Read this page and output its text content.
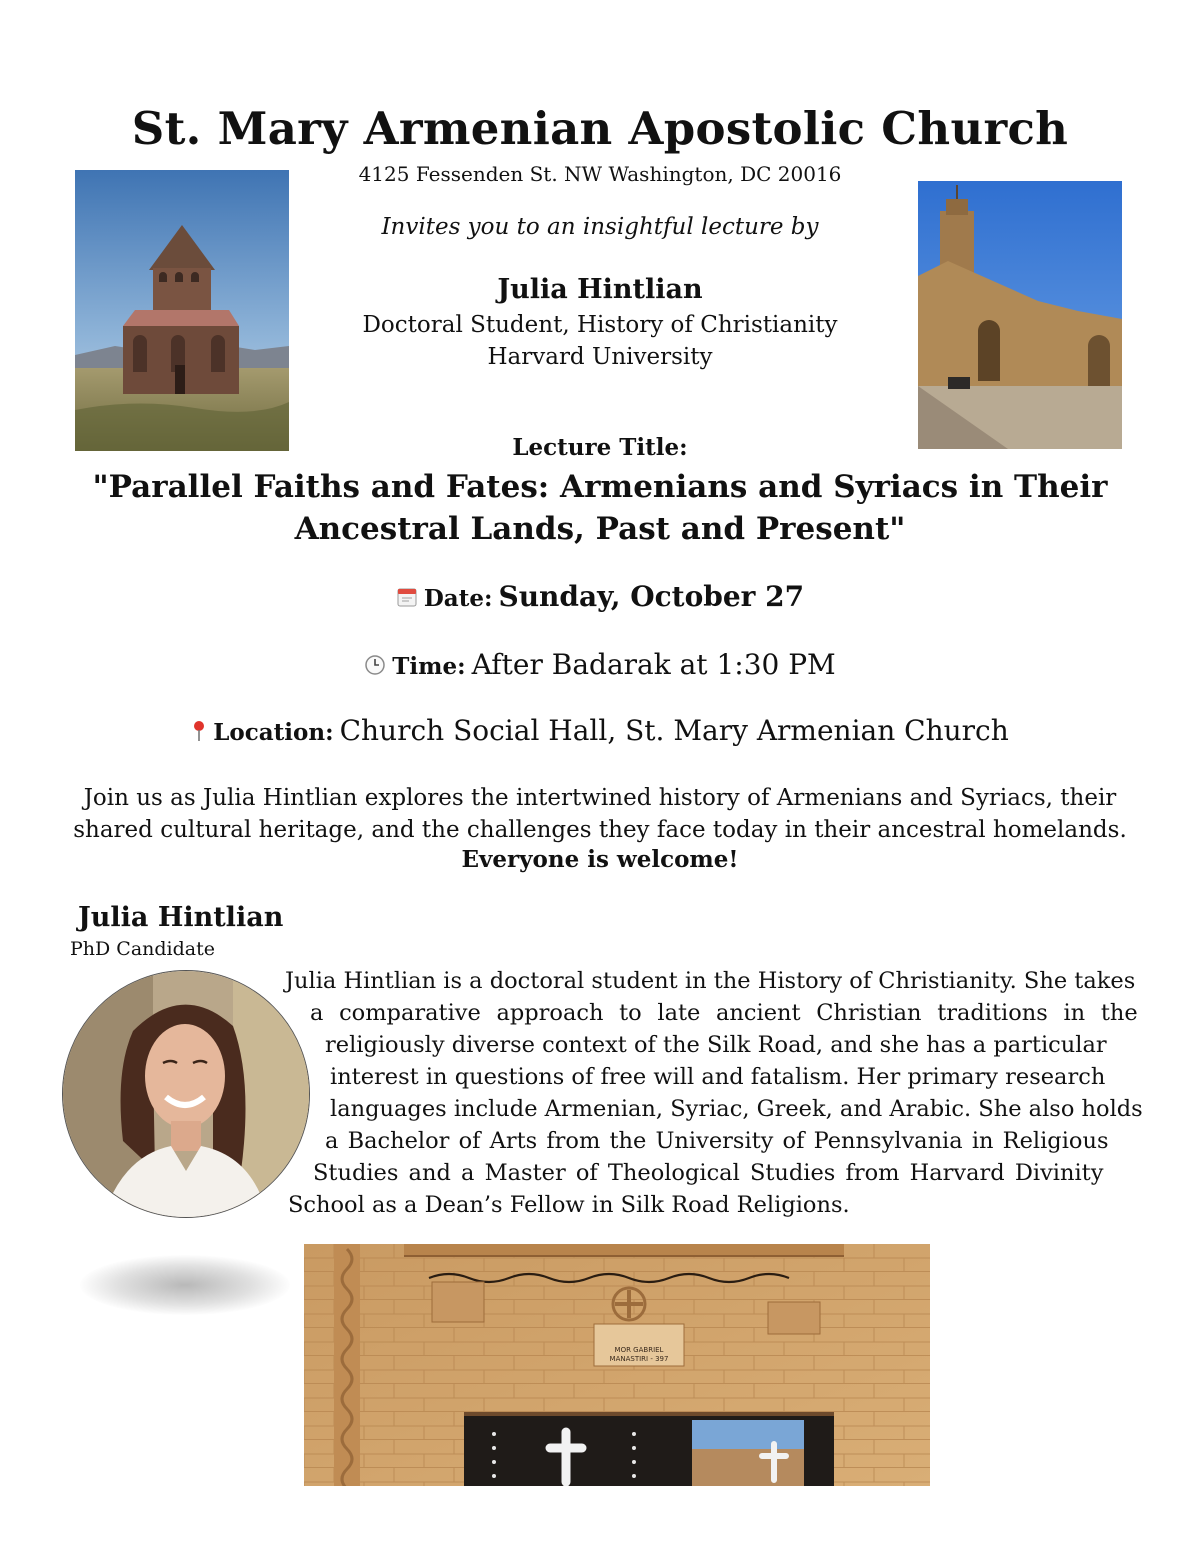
St. Mary Armenian Apostolic Church
4125 Fessenden St. NW Washington, DC 20016
Invites you to an insightful lecture by
Julia Hintlian
Doctoral Student, History of Christianity
Harvard University
Lecture Title:
"Parallel Faiths and Fates: Armenians and Syriacs in Their
Ancestral Lands, Past and Present"
Date: Sunday, October 27
Time: After Badarak at 1:30 PM
Location: Church Social Hall, St. Mary Armenian Church
Join us as Julia Hintlian explores the intertwined history of Armenians and Syriacs, their
shared cultural heritage, and the challenges they face today in their ancestral homelands.
Everyone is welcome!
Julia Hintlian
PhD Candidate
Julia Hintlian is a doctoral student in the History of Christianity. She takes
a comparative approach to late ancient Christian traditions in the
religiously diverse context of the Silk Road, and she has a particular
interest in questions of free will and fatalism. Her primary research
languages include Armenian, Syriac, Greek, and Arabic. She also holds
a Bachelor of Arts from the University of Pennsylvania in Religious
Studies and a Master of Theological Studies from Harvard Divinity
School as a Dean’s Fellow in Silk Road Religions.
MOR GABRIEL
MANASTIRI - 397
